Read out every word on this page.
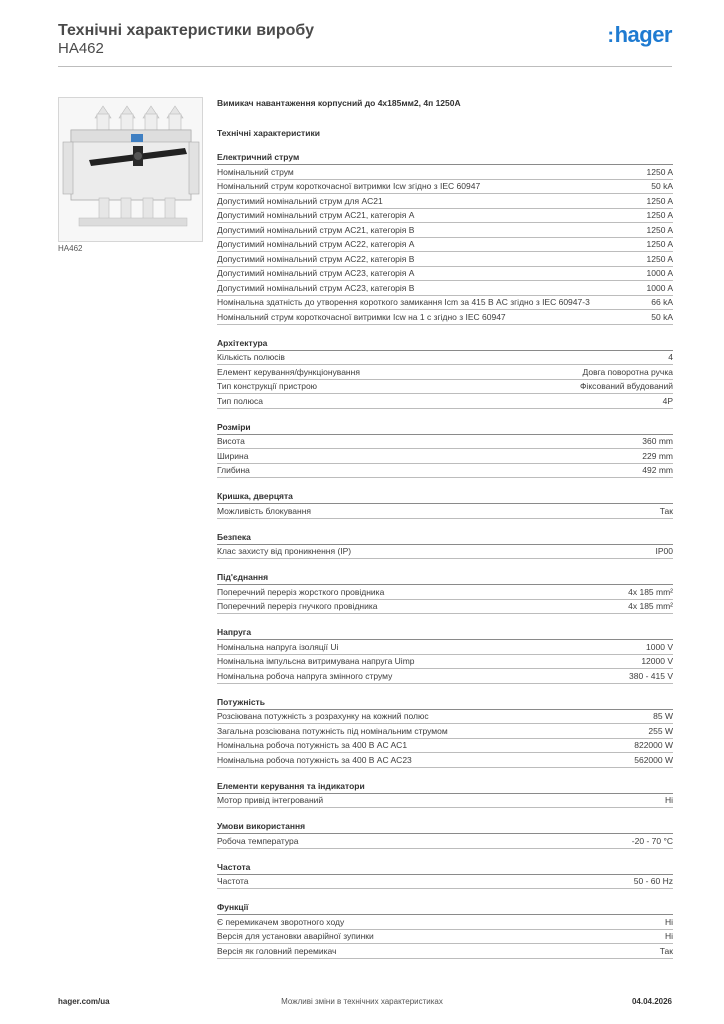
Технічні характеристики виробу
HA462
:hager
HA462
Вимикач навантаження корпусний до 4x185мм2, 4п 1250А
Технічні характеристики
Електричний струм
Номінальний струм	1250 A
Номінальний струм короткочасної витримки Icw згідно з IEC 60947	50 kA
Допустимий номінальний струм для AC21	1250 A
Допустимий номінальний струм AC21, категорія A	1250 A
Допустимий номінальний струм AC21, категорія B	1250 A
Допустимий номінальний струм AC22, категорія A	1250 A
Допустимий номінальний струм AC22, категорія B	1250 A
Допустимий номінальний струм AC23, категорія A	1000 A
Допустимий номінальний струм AC23, категорія B	1000 A
Номінальна здатність до утворення короткого замикання Icm за 415 В AC згідно з IEC 60947-3	66 kA
Номінальний струм короткочасної витримки Icw на 1 с згідно з IEC 60947	50 kA
Архітектура
Кількість полюсів	4
Елемент керування/функціонування	Довга поворотна ручка
Тип конструкції пристрою	Фіксований вбудований
Тип полюса	4P
Розміри
Висота	360 mm
Ширина	229 mm
Глибина	492 mm
Кришка, дверцята
Можливість блокування	Так
Безпека
Клас захисту від проникнення (IP)	IP00
Під'єднання
Поперечний переріз жорсткого провідника	4x 185 mm²
Поперечний переріз гнучкого провідника	4x 185 mm²
Напруга
Номінальна напруга ізоляції Ui	1000 V
Номінальна імпульсна витримувана напруга Uimp	12000 V
Номінальна робоча напруга змінного струму	380 - 415 V
Потужність
Розсіювана потужність з розрахунку на кожний полюс	85 W
Загальна розсіювана потужність під номінальним струмом	255 W
Номінальна робоча потужність за 400 В AC AC1	822000 W
Номінальна робоча потужність за 400 В AC AC23	562000 W
Елементи керування та індикатори
Мотор привід інтегрований	Ні
Умови використання
Робоча температура	-20 - 70 °C
Частота
Частота	50 - 60 Hz
Функції
Є перемикачем зворотного ходу	Ні
Версія для установки аварійної зупинки	Ні
Версія як головний перемикач	Так
hager.com/ua	Можливі зміни в технічних характеристиках	04.04.2026
